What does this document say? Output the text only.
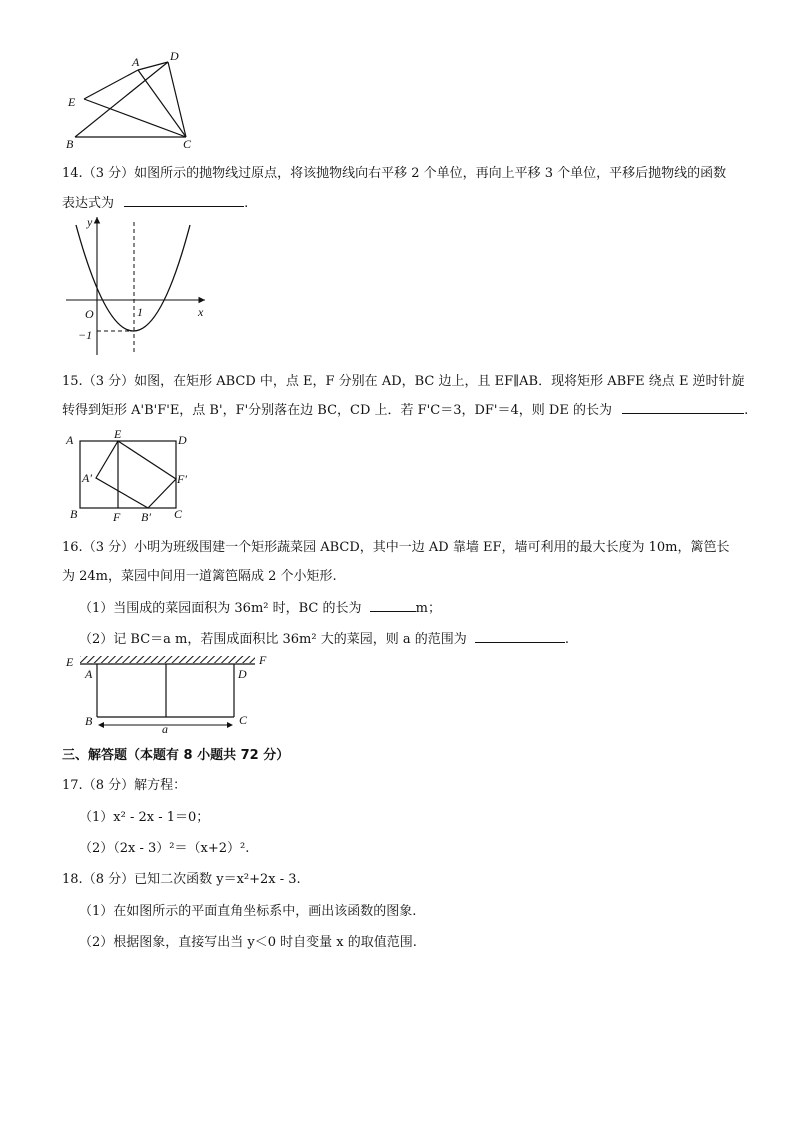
A	D
E
B	C
14.（3 分）如图所示的抛物线过原点，将该抛物线向右平移 2 个单位，再向上平移 3 个单位，平移后抛物线的函数
表达式为	.
y
x
O	1
−1
15.（3 分）如图，在矩形 ABCD 中，点 E，F 分别在 AD，BC 边上，且 EF∥AB．现将矩形 ABFE 绕点 E 逆时针旋
转得到矩形 A'B'F'E，点 B'，F'分别落在边 BC，CD 上．若 F'C＝3，DF'＝4，则 DE 的长为	.
A	E	D
A′	F′
B	F B′ C
16.（3 分）小明为班级围建一个矩形蔬菜园 ABCD，其中一边 AD 靠墙 EF，墙可利用的最大长度为 10m，篱笆长
为 24m，菜园中间用一道篱笆隔成 2 个小矩形.
（1）当围成的菜园面积为 36m² 时，BC 的长为	m；
（2）记 BC＝a m，若围成面积比 36m² 大的菜园，则 a 的范围为	.
E	F
A	D
B	C
a
三、解答题（本题有 8 小题共 72 分）
17.（8 分）解方程：
（1）x² - 2x - 1＝0；
（2）（2x - 3）²＝（x+2）².
18.（8 分）已知二次函数 y＝x²+2x - 3.
（1）在如图所示的平面直角坐标系中，画出该函数的图象.
（2）根据图象，直接写出当 y＜0 时自变量 x 的取值范围.
